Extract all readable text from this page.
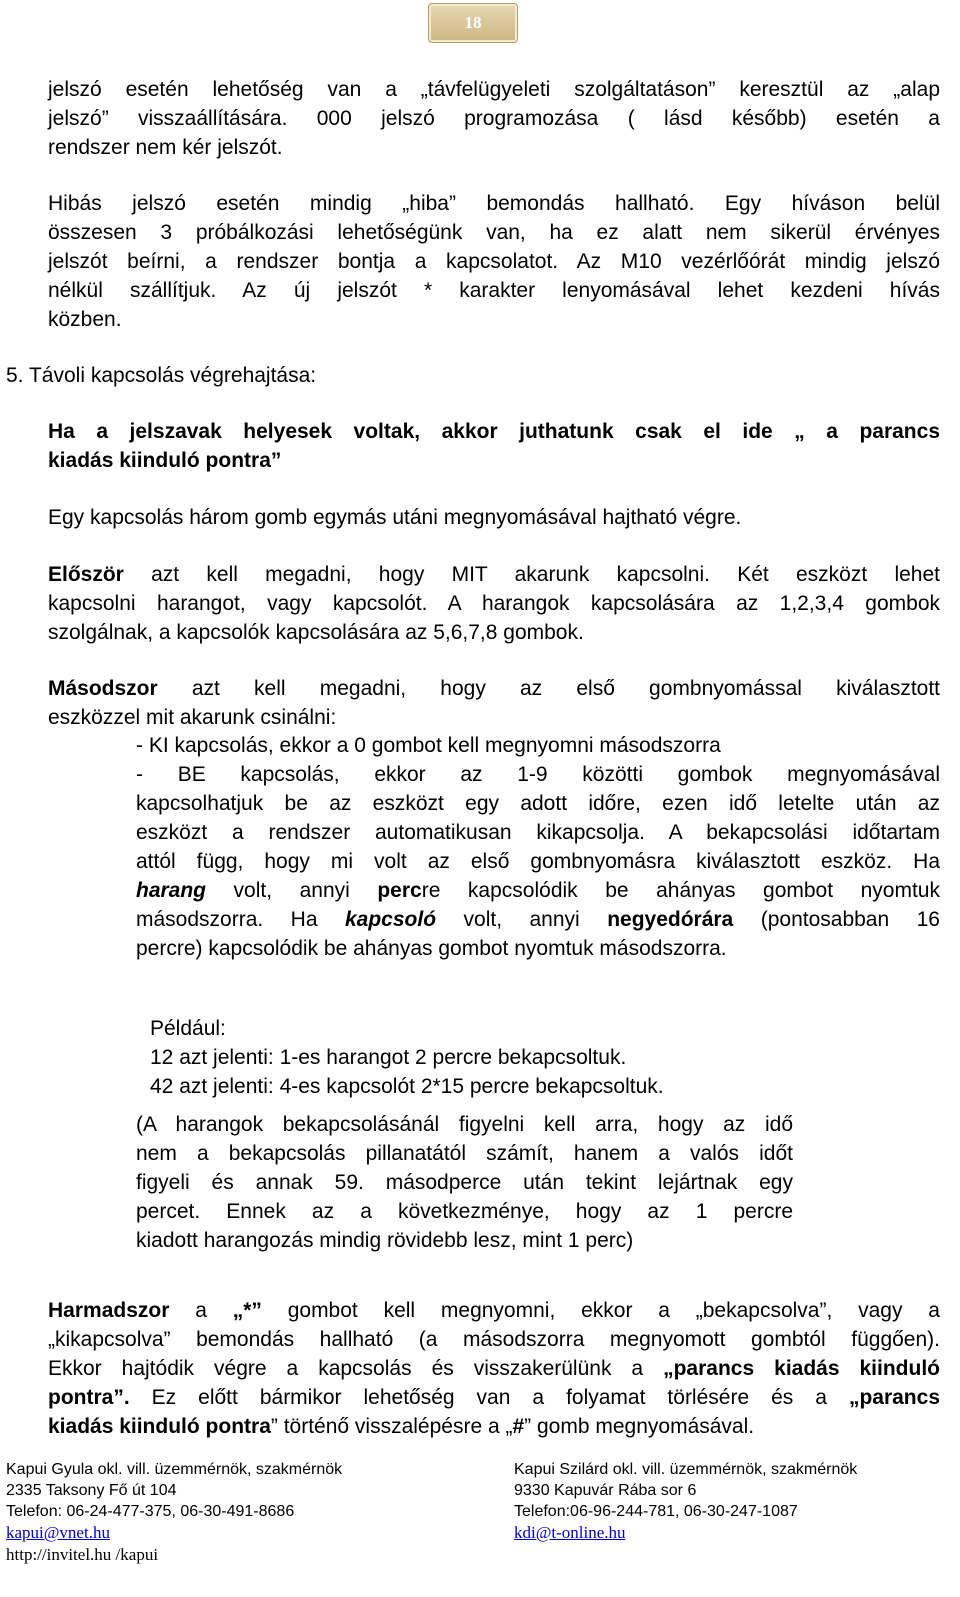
18
jelszó esetén lehetőség van a „távfelügyeleti szolgáltatáson” keresztül az „alap
jelszó” visszaállítására. 000 jelszó programozása ( lásd később) esetén a
rendszer nem kér jelszót.
Hibás jelszó esetén mindig „hiba” bemondás hallható. Egy híváson belül
összesen 3 próbálkozási lehetőségünk van, ha ez alatt nem sikerül érvényes
jelszót beírni, a rendszer bontja a kapcsolatot. Az M10 vezérlőórát mindig jelszó
nélkül szállítjuk. Az új jelszót * karakter lenyomásával lehet kezdeni hívás
közben.
5. Távoli kapcsolás végrehajtása:
Ha a jelszavak helyesek voltak, akkor juthatunk csak el ide „ a parancs
kiadás kiinduló pontra”
Egy kapcsolás három gomb egymás utáni megnyomásával hajtható végre.
Először azt kell megadni, hogy MIT akarunk kapcsolni. Két eszközt lehet
kapcsolni harangot, vagy kapcsolót. A harangok kapcsolására az 1,2,3,4 gombok
szolgálnak, a kapcsolók kapcsolására az 5,6,7,8 gombok.
Másodszor azt kell megadni, hogy az első gombnyomással kiválasztott
eszközzel mit akarunk csinálni:
- KI kapcsolás, ekkor a 0 gombot kell megnyomni másodszorra
- BE kapcsolás, ekkor az 1-9 közötti gombok megnyomásával
kapcsolhatjuk be az eszközt egy adott időre, ezen idő letelte után az
eszközt a rendszer automatikusan kikapcsolja. A bekapcsolási időtartam
attól függ, hogy mi volt az első gombnyomásra kiválasztott eszköz. Ha
harang volt, annyi percre kapcsolódik be ahányas gombot nyomtuk
másodszorra. Ha kapcsoló volt, annyi negyedórára (pontosabban 16
percre) kapcsolódik be ahányas gombot nyomtuk másodszorra.
Például:
12 azt jelenti: 1-es harangot 2 percre bekapcsoltuk.
42 azt jelenti: 4-es kapcsolót 2*15 percre bekapcsoltuk.
(A harangok bekapcsolásánál figyelni kell arra, hogy az idő
nem a bekapcsolás pillanatától számít, hanem a valós időt
figyeli és annak 59. másodperce után tekint lejártnak egy
percet. Ennek az a következménye, hogy az 1 percre
kiadott harangozás mindig rövidebb lesz, mint 1 perc)
Harmadszor a „*” gombot kell megnyomni, ekkor a „bekapcsolva”, vagy a
„kikapcsolva” bemondás hallható (a másodszorra megnyomott gombtól függően).
Ekkor hajtódik végre a kapcsolás és visszakerülünk a „parancs kiadás kiinduló
pontra”. Ez előtt bármikor lehetőség van a folyamat törlésére és a „parancs
kiadás kiinduló pontra” történő visszalépésre a „#” gomb megnyomásával.
Kapui Gyula okl. vill. üzemmérnök, szakmérnök
2335 Taksony Fő út 104
Telefon: 06-24-477-375, 06-30-491-8686
kapui@vnet.hu
http://invitel.hu /kapui
Kapui Szilárd okl. vill. üzemmérnök, szakmérnök
9330 Kapuvár Rába sor 6
Telefon:06-96-244-781, 06-30-247-1087
kdi@t-online.hu
